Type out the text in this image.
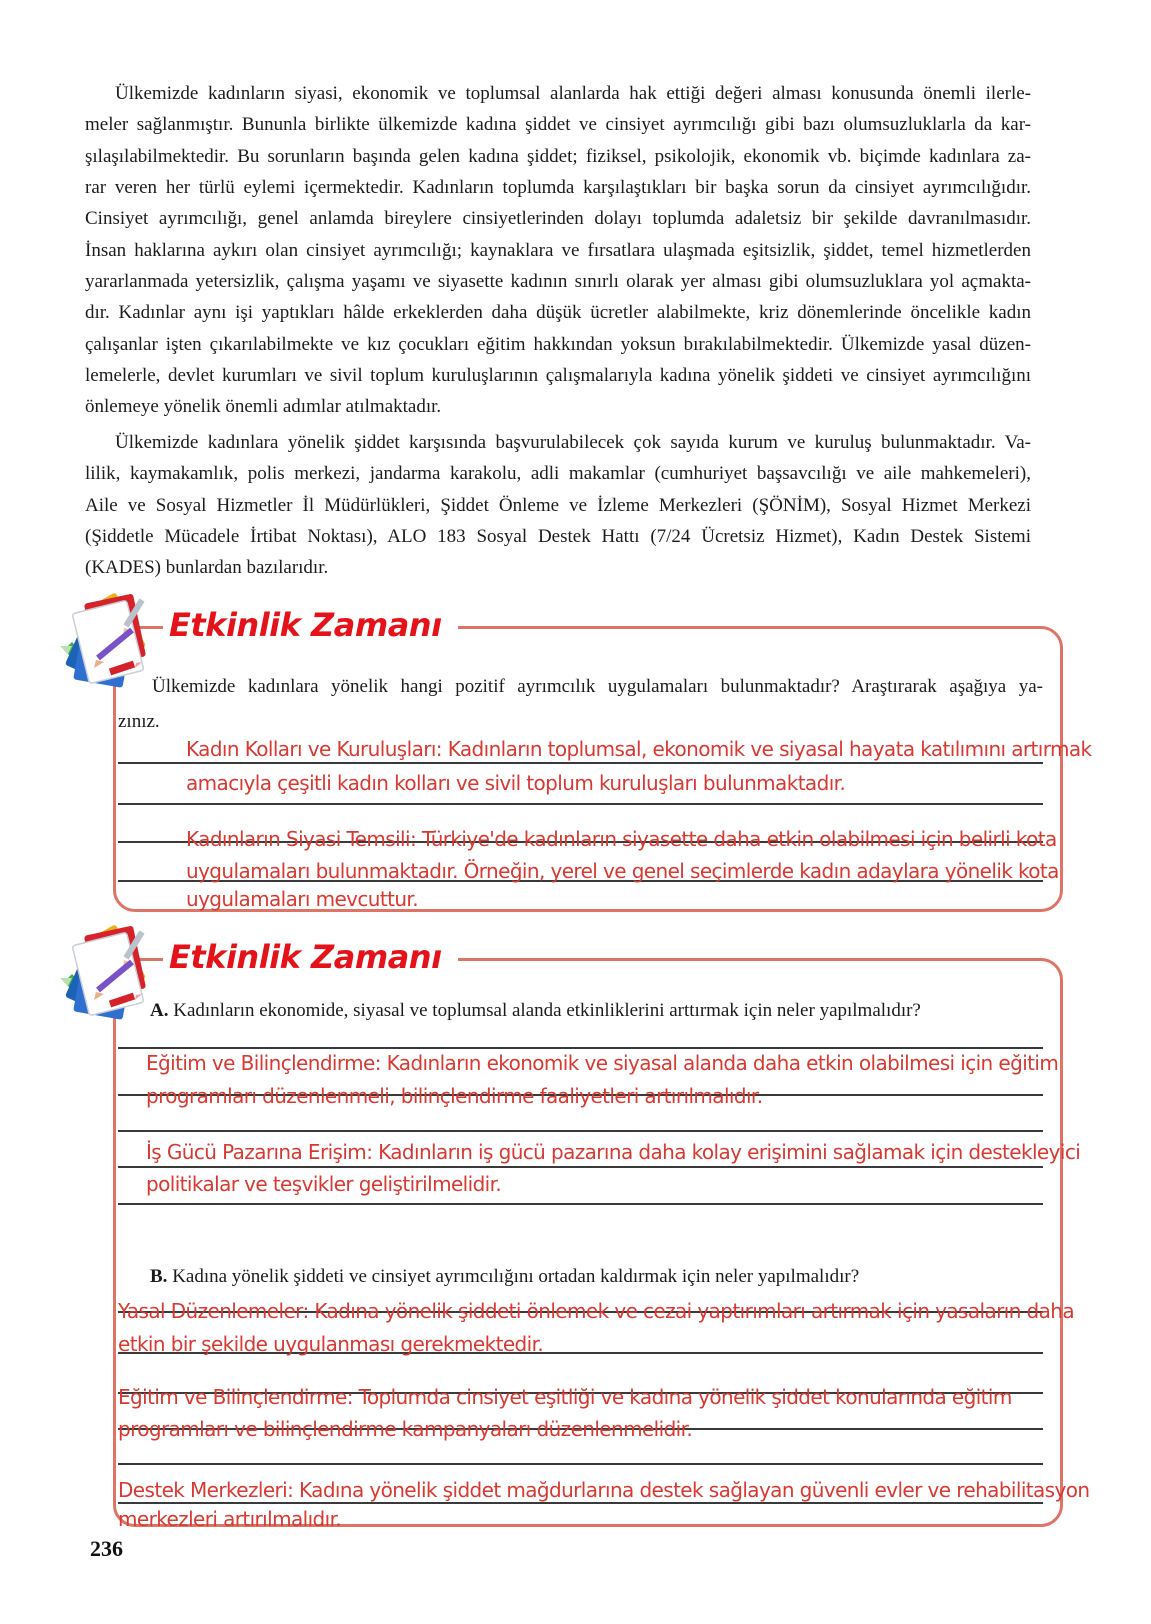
Ülkemizde kadınların siyasi, ekonomik ve toplumsal alanlarda hak ettiği değeri alması konusunda önemli ilerle-
meler sağlanmıştır. Bununla birlikte ülkemizde kadına şiddet ve cinsiyet ayrımcılığı gibi bazı olumsuzluklarla da kar-
şılaşılabilmektedir. Bu sorunların başında gelen kadına şiddet; fiziksel, psikolojik, ekonomik vb. biçimde kadınlara za-
rar veren her türlü eylemi içermektedir. Kadınların toplumda karşılaştıkları bir başka sorun da cinsiyet ayrımcılığıdır.
Cinsiyet ayrımcılığı, genel anlamda bireylere cinsiyetlerinden dolayı toplumda adaletsiz bir şekilde davranılmasıdır.
İnsan haklarına aykırı olan cinsiyet ayrımcılığı; kaynaklara ve fırsatlara ulaşmada eşitsizlik, şiddet, temel hizmetlerden
yararlanmada yetersizlik, çalışma yaşamı ve siyasette kadının sınırlı olarak yer alması gibi olumsuzluklara yol açmakta-
dır. Kadınlar aynı işi yaptıkları hâlde erkeklerden daha düşük ücretler alabilmekte, kriz dönemlerinde öncelikle kadın
çalışanlar işten çıkarılabilmekte ve kız çocukları eğitim hakkından yoksun bırakılabilmektedir. Ülkemizde yasal düzen-
lemelerle, devlet kurumları ve sivil toplum kuruluşlarının çalışmalarıyla kadına yönelik şiddeti ve cinsiyet ayrımcılığını
önlemeye yönelik önemli adımlar atılmaktadır.
Ülkemizde kadınlara yönelik şiddet karşısında başvurulabilecek çok sayıda kurum ve kuruluş bulunmaktadır. Va-
lilik, kaymakamlık, polis merkezi, jandarma karakolu, adli makamlar (cumhuriyet başsavcılığı ve aile mahkemeleri),
Aile ve Sosyal Hizmetler İl Müdürlükleri, Şiddet Önleme ve İzleme Merkezleri (ŞÖNİM), Sosyal Hizmet Merkezi
(Şiddetle Mücadele İrtibat Noktası), ALO 183 Sosyal Destek Hattı (7/24 Ücretsiz Hizmet), Kadın Destek Sistemi
(KADES) bunlardan bazılarıdır.
Etkinlik Zamanı
Ülkemizde kadınlara yönelik hangi pozitif ayrımcılık uygulamaları bulunmaktadır? Araştırarak aşağıya ya-
zınız.
Kadın Kolları ve Kuruluşları: Kadınların toplumsal, ekonomik ve siyasal hayata katılımını artırmak
amacıyla çeşitli kadın kolları ve sivil toplum kuruluşları bulunmaktadır.
Kadınların Siyasi Temsili: Türkiye'de kadınların siyasette daha etkin olabilmesi için belirli kota
uygulamaları bulunmaktadır. Örneğin, yerel ve genel seçimlerde kadın adaylara yönelik kota
uygulamaları mevcuttur.
Etkinlik Zamanı
A. Kadınların ekonomide, siyasal ve toplumsal alanda etkinliklerini arttırmak için neler yapılmalıdır?
Eğitim ve Bilinçlendirme: Kadınların ekonomik ve siyasal alanda daha etkin olabilmesi için eğitim
programları düzenlenmeli, bilinçlendirme faaliyetleri artırılmalıdır.
İş Gücü Pazarına Erişim: Kadınların iş gücü pazarına daha kolay erişimini sağlamak için destekleyici
politikalar ve teşvikler geliştirilmelidir.
B. Kadına yönelik şiddeti ve cinsiyet ayrımcılığını ortadan kaldırmak için neler yapılmalıdır?
Yasal Düzenlemeler: Kadına yönelik şiddeti önlemek ve cezai yaptırımları artırmak için yasaların daha
etkin bir şekilde uygulanması gerekmektedir.
Eğitim ve Bilinçlendirme: Toplumda cinsiyet eşitliği ve kadına yönelik şiddet konularında eğitim
programları ve bilinçlendirme kampanyaları düzenlenmelidir.
Destek Merkezleri: Kadına yönelik şiddet mağdurlarına destek sağlayan güvenli evler ve rehabilitasyon
merkezleri artırılmalıdır.
236
